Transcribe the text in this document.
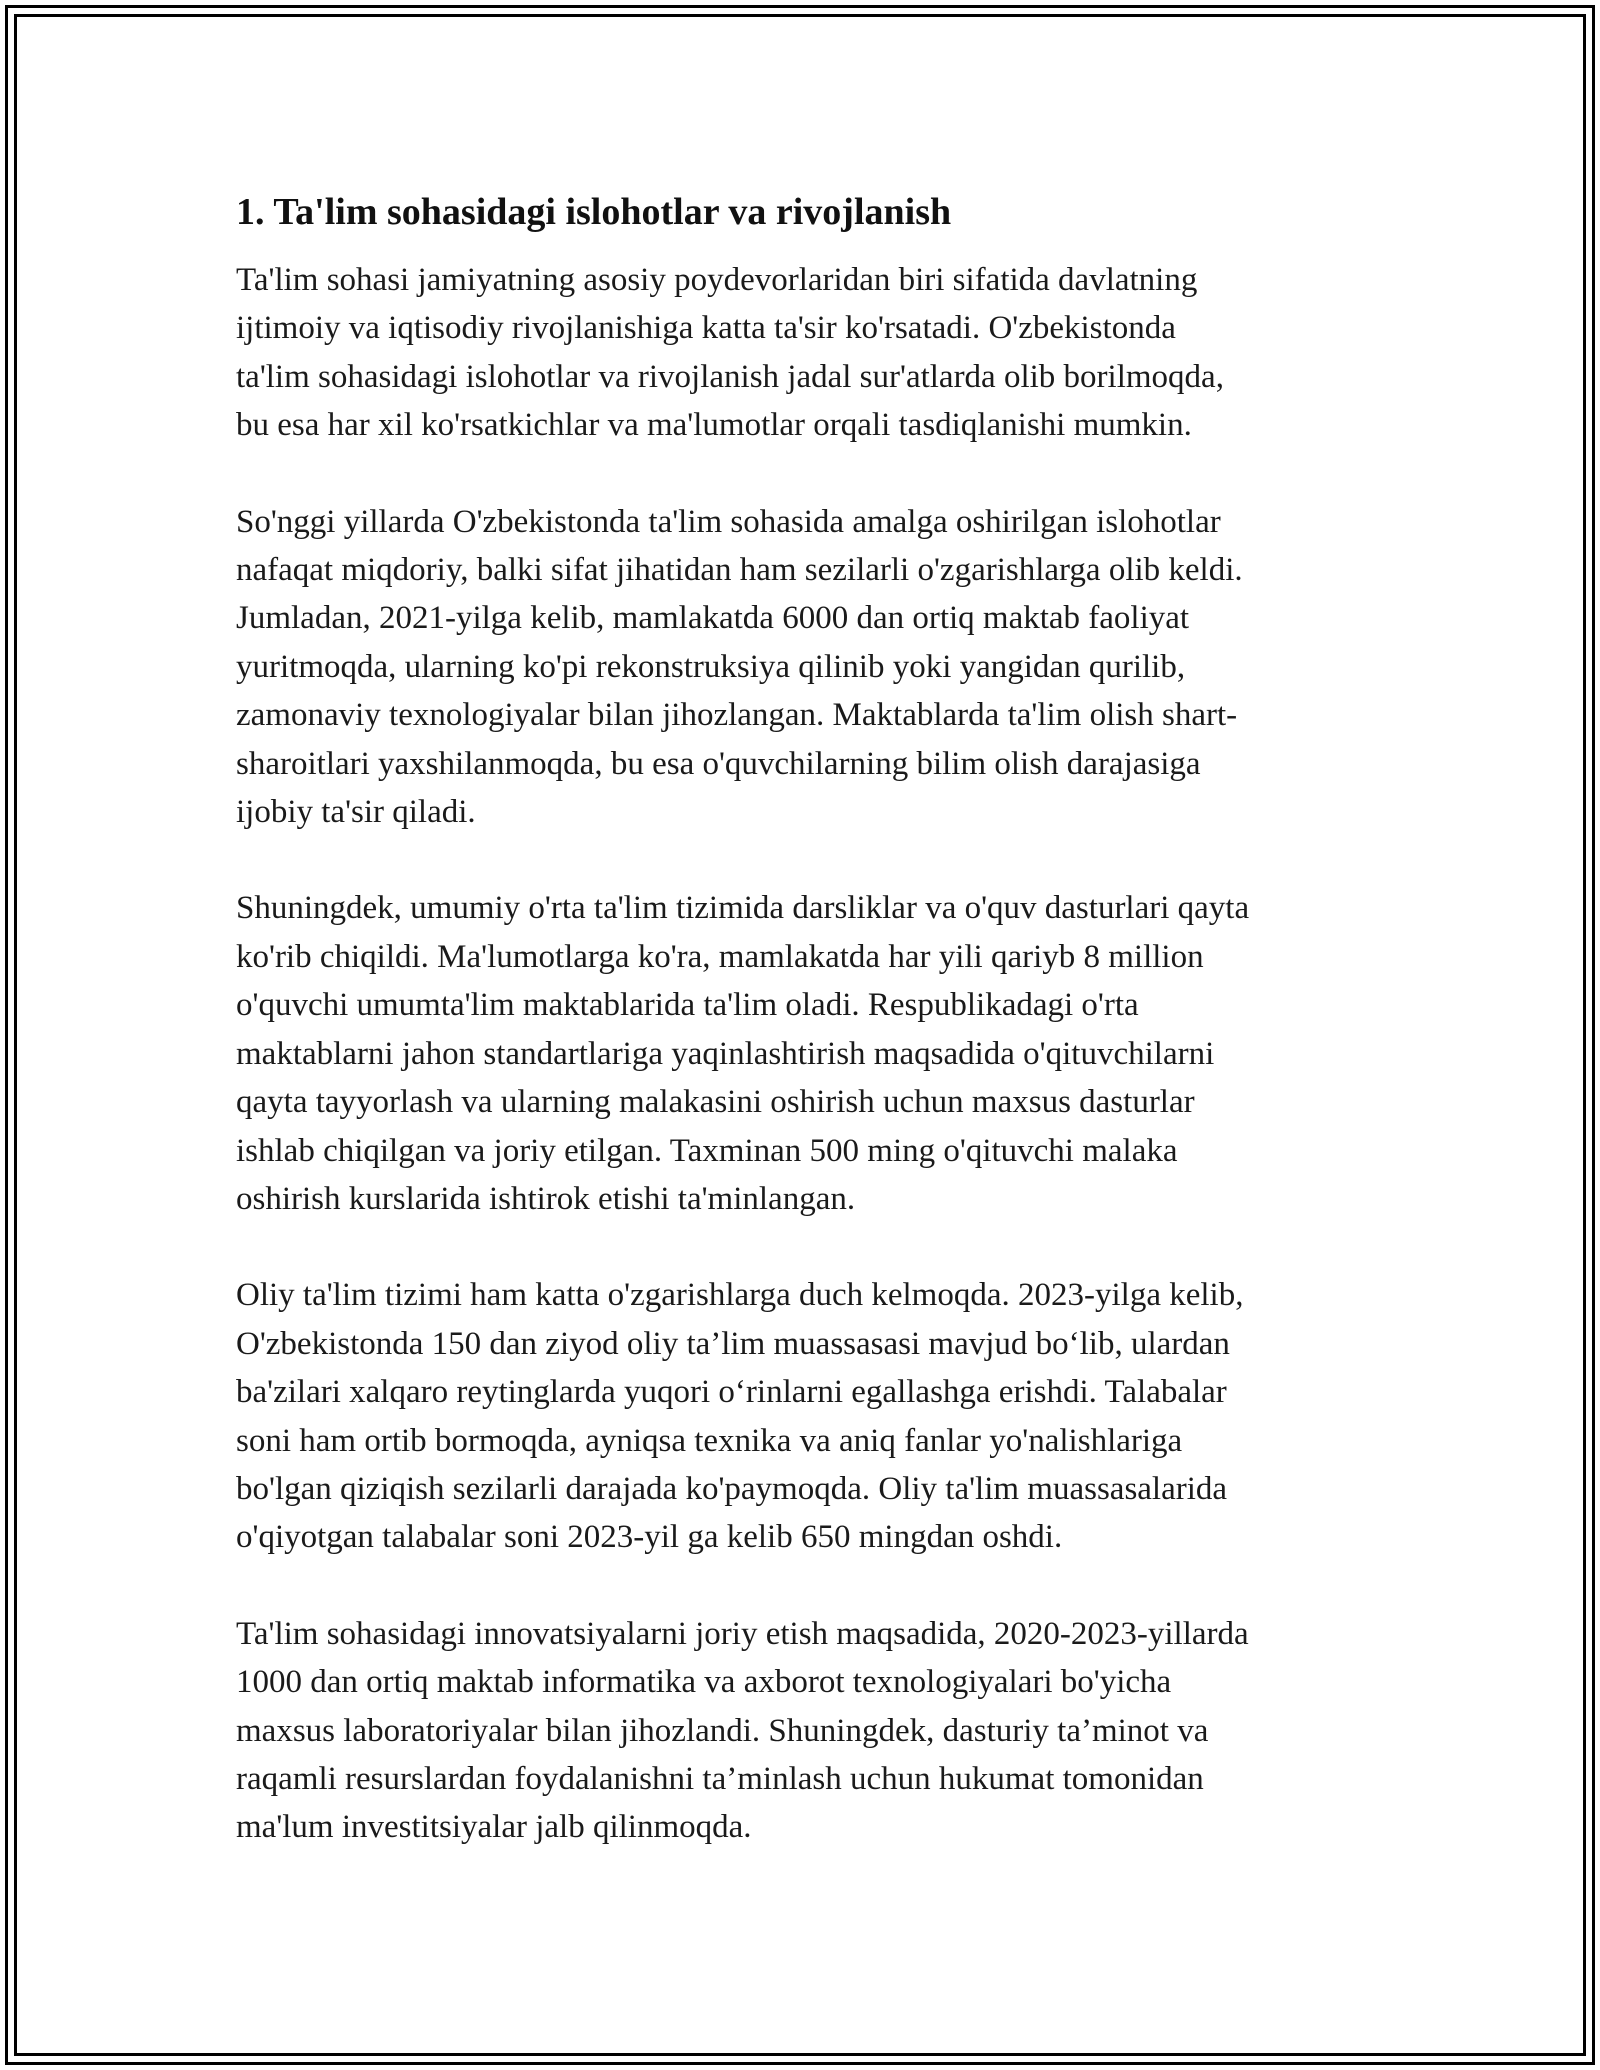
1. Ta'lim sohasidagi islohotlar va rivojlanish

Ta'lim sohasi jamiyatning asosiy poydevorlaridan biri sifatida davlatning
ijtimoiy va iqtisodiy rivojlanishiga katta ta'sir ko'rsatadi. O'zbekistonda
ta'lim sohasidagi islohotlar va rivojlanish jadal sur'atlarda olib borilmoqda,
bu esa har xil ko'rsatkichlar va ma'lumotlar orqali tasdiqlanishi mumkin.

So'nggi yillarda O'zbekistonda ta'lim sohasida amalga oshirilgan islohotlar
nafaqat miqdoriy, balki sifat jihatidan ham sezilarli o'zgarishlarga olib keldi.
Jumladan, 2021-yilga kelib, mamlakatda 6000 dan ortiq maktab faoliyat
yuritmoqda, ularning ko'pi rekonstruksiya qilinib yoki yangidan qurilib,
zamonaviy texnologiyalar bilan jihozlangan. Maktablarda ta'lim olish shart-
sharoitlari yaxshilanmoqda, bu esa o'quvchilarning bilim olish darajasiga
ijobiy ta'sir qiladi.

Shuningdek, umumiy o'rta ta'lim tizimida darsliklar va o'quv dasturlari qayta
ko'rib chiqildi. Ma'lumotlarga ko'ra, mamlakatda har yili qariyb 8 million
o'quvchi umumta'lim maktablarida ta'lim oladi. Respublikadagi o'rta
maktablarni jahon standartlariga yaqinlashtirish maqsadida o'qituvchilarni
qayta tayyorlash va ularning malakasini oshirish uchun maxsus dasturlar
ishlab chiqilgan va joriy etilgan. Taxminan 500 ming o'qituvchi malaka
oshirish kurslarida ishtirok etishi ta'minlangan.

Oliy ta'lim tizimi ham katta o'zgarishlarga duch kelmoqda. 2023-yilga kelib,
O'zbekistonda 150 dan ziyod oliy ta’lim muassasasi mavjud bo‘lib, ulardan
ba'zilari xalqaro reytinglarda yuqori o‘rinlarni egallashga erishdi. Talabalar
soni ham ortib bormoqda, ayniqsa texnika va aniq fanlar yo'nalishlariga
bo'lgan qiziqish sezilarli darajada ko'paymoqda. Oliy ta'lim muassasalarida
o'qiyotgan talabalar soni 2023-yil ga kelib 650 mingdan oshdi.

Ta'lim sohasidagi innovatsiyalarni joriy etish maqsadida, 2020-2023-yillarda
1000 dan ortiq maktab informatika va axborot texnologiyalari bo'yicha
maxsus laboratoriyalar bilan jihozlandi. Shuningdek, dasturiy ta’minot va
raqamli resurslardan foydalanishni ta’minlash uchun hukumat tomonidan
ma'lum investitsiyalar jalb qilinmoqda.
